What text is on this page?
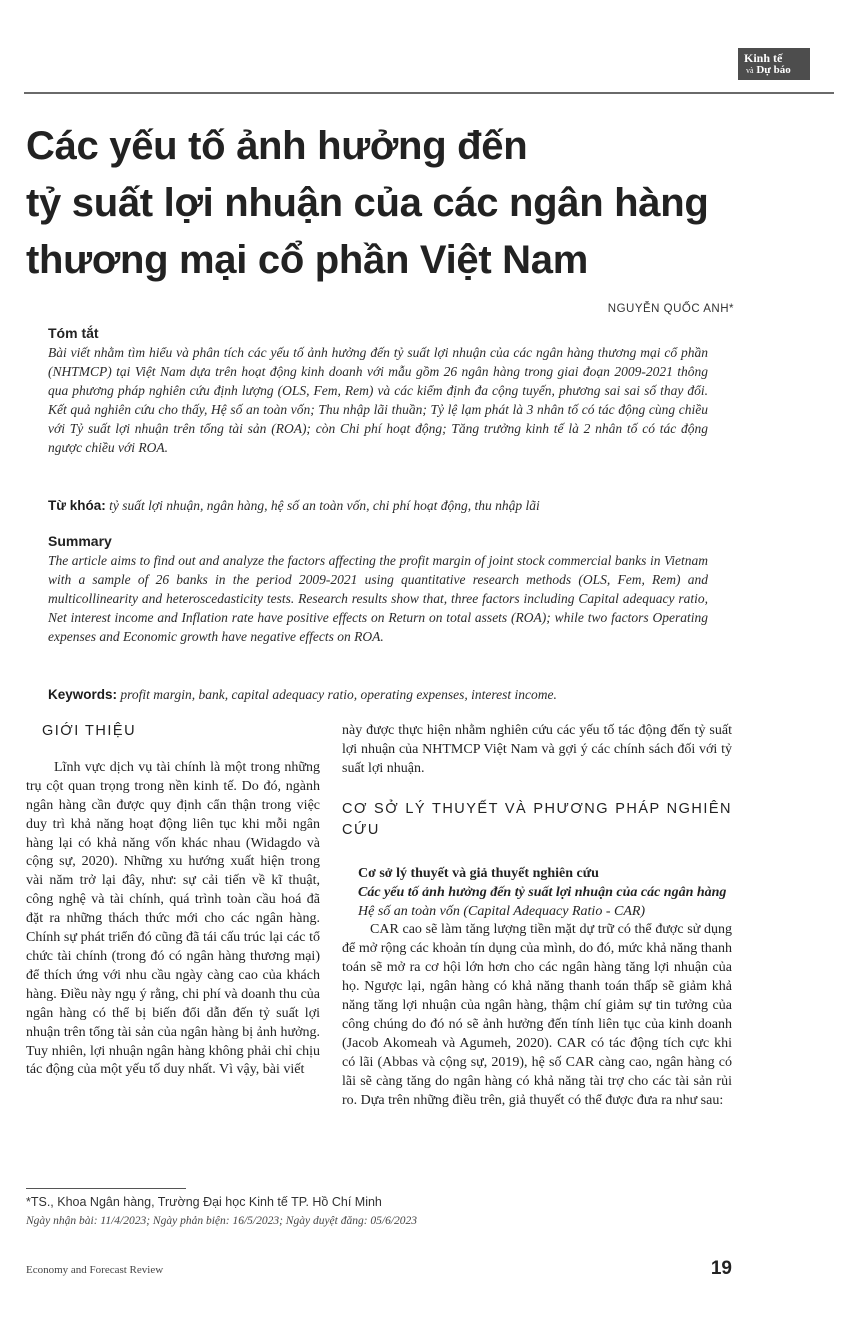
Kinh tế
và Dự báo
Các yếu tố ảnh hưởng đến
tỷ suất lợi nhuận của các ngân hàng
thương mại cổ phần Việt Nam
NGUYỄN QUỐC ANH*
Tóm tắt
Bài viết nhằm tìm hiểu và phân tích các yếu tố ảnh hưởng đến tỷ suất lợi nhuận của các ngân hàng thương mại cổ phần (NHTMCP) tại Việt Nam dựa trên hoạt động kinh doanh với mẫu gồm 26 ngân hàng trong giai đoạn 2009-2021 thông qua phương pháp nghiên cứu định lượng (OLS, Fem, Rem) và các kiểm định đa cộng tuyến, phương sai sai số thay đổi. Kết quả nghiên cứu cho thấy, Hệ số an toàn vốn; Thu nhập lãi thuần; Tỷ lệ lạm phát là 3 nhân tố có tác động cùng chiều với Tỷ suất lợi nhuận trên tổng tài sản (ROA); còn Chi phí hoạt động; Tăng trưởng kinh tế là 2 nhân tố có tác động ngược chiều với ROA.
Từ khóa: tỷ suất lợi nhuận, ngân hàng, hệ số an toàn vốn, chi phí hoạt động, thu nhập lãi
Summary
The article aims to find out and analyze the factors affecting the profit margin of joint stock commercial banks in Vietnam with a sample of 26 banks in the period 2009-2021 using quantitative research methods (OLS, Fem, Rem) and multicollinearity and heteroscedasticity tests. Research results show that, three factors including Capital adequacy ratio, Net interest income and Inflation rate have positive effects on Return on total assets (ROA); while two factors Operating expenses and Economic growth have negative effects on ROA.
Keywords: profit margin, bank, capital adequacy ratio, operating expenses, interest income.

GIỚI THIỆU

Lĩnh vực dịch vụ tài chính là một trong những trụ cột quan trọng trong nền kinh tế. Do đó, ngành ngân hàng cần được quy định cẩn thận trong việc duy trì khả năng hoạt động liên tục khi mỗi ngân hàng lại có khả năng vốn khác nhau (Widagdo và cộng sự, 2020). Những xu hướng xuất hiện trong vài năm trở lại đây, như: sự cải tiến về kĩ thuật, công nghệ và tài chính, quá trình toàn cầu hoá đã đặt ra những thách thức mới cho các ngân hàng. Chính sự phát triển đó cũng đã tái cấu trúc lại các tổ chức tài chính (trong đó có ngân hàng thương mại) để thích ứng với nhu cầu ngày càng cao của khách hàng. Điều này ngụ ý rằng, chi phí và doanh thu của ngân hàng có thể bị biến đổi dẫn đến tỷ suất lợi nhuận trên tổng tài sản của ngân hàng bị ảnh hưởng. Tuy nhiên, lợi nhuận ngân hàng không phải chỉ chịu tác động của một yếu tố duy nhất. Vì vậy, bài viết

này được thực hiện nhằm nghiên cứu các yếu tố tác động đến tỷ suất lợi nhuận của NHTMCP Việt Nam và gợi ý các chính sách đối với tỷ suất lợi nhuận.

CƠ SỞ LÝ THUYẾT VÀ PHƯƠNG PHÁP NGHIÊN CỨU

Cơ sở lý thuyết và giả thuyết nghiên cứu

Các yếu tố ảnh hưởng đến tỷ suất lợi nhuận của các ngân hàng

Hệ số an toàn vốn (Capital Adequacy Ratio - CAR)

CAR cao sẽ làm tăng lượng tiền mặt dự trữ có thể được sử dụng để mở rộng các khoản tín dụng của mình, do đó, mức khả năng thanh toán sẽ mở ra cơ hội lớn hơn cho các ngân hàng tăng lợi nhuận của họ. Ngược lại, ngân hàng có khả năng thanh toán thấp sẽ giảm khả năng tăng lợi nhuận của ngân hàng, thậm chí giảm sự tin tưởng của công chúng do đó nó sẽ ảnh hưởng đến tính liên tục của kinh doanh (Jacob Akomeah và Agumeh, 2020). CAR có tác động tích cực khi có lãi (Abbas và cộng sự, 2019), hệ số CAR càng cao, ngân hàng có lãi sẽ càng tăng do ngân hàng có khả năng tài trợ cho các tài sản rủi ro. Dựa trên những điều trên, giả thuyết có thể được đưa ra như sau:

*TS., Khoa Ngân hàng, Trường Đại học Kinh tế TP. Hồ Chí Minh
Ngày nhận bài: 11/4/2023; Ngày phản biện: 16/5/2023; Ngày duyệt đăng: 05/6/2023
Economy and Forecast Review	19
